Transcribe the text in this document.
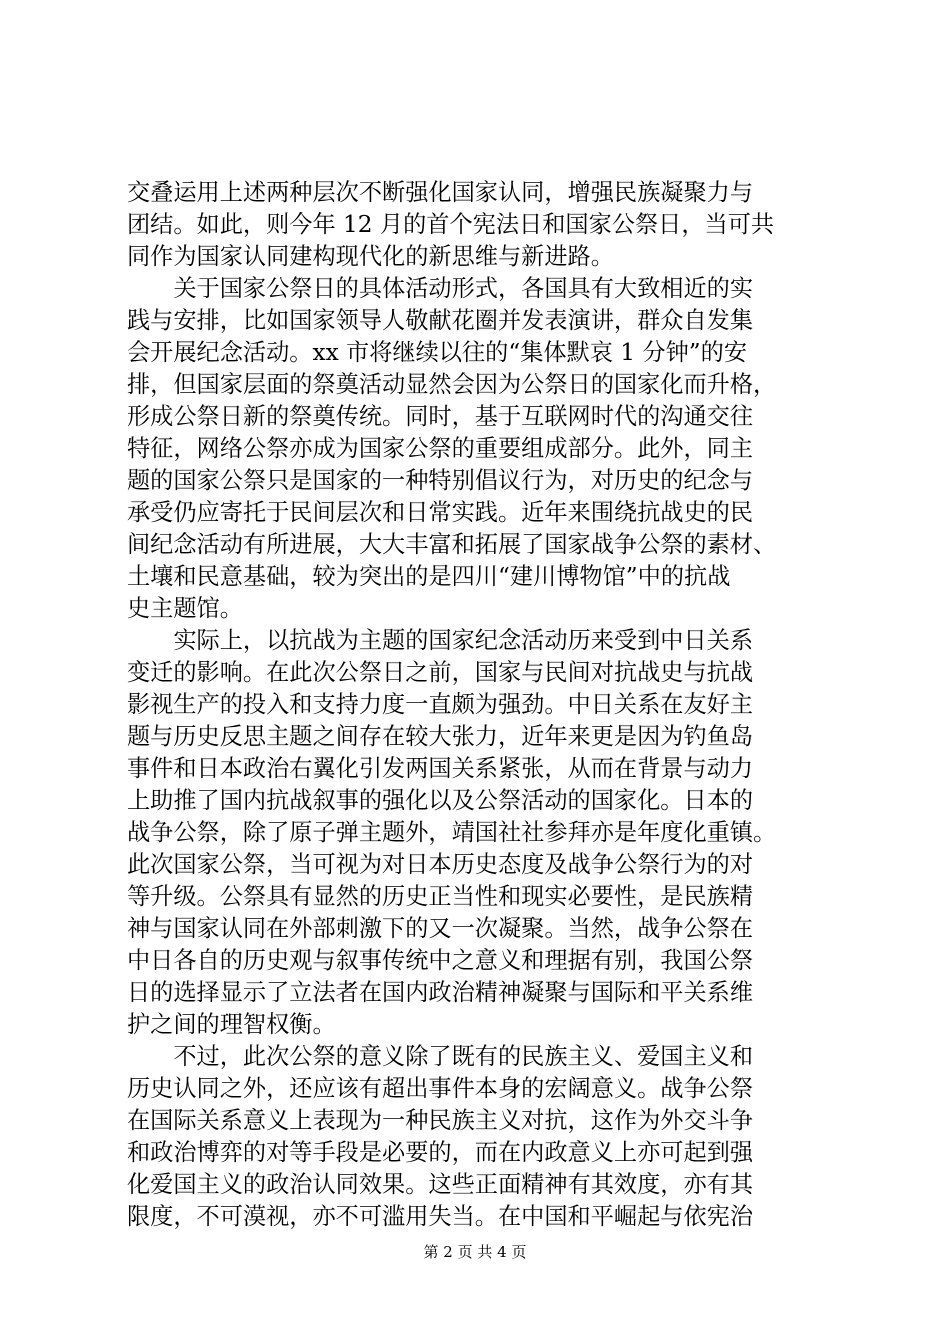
交叠运用上述两种层次不断强化国家认同，增强民族凝聚力与
团结。如此，则今年 12 月的首个宪法日和国家公祭日，当可共
同作为国家认同建构现代化的新思维与新进路。
　　关于国家公祭日的具体活动形式，各国具有大致相近的实
践与安排，比如国家领导人敬献花圈并发表演讲，群众自发集
会开展纪念活动。xx 市将继续以往的“集体默哀 1 分钟”的安
排，但国家层面的祭奠活动显然会因为公祭日的国家化而升格，
形成公祭日新的祭奠传统。同时，基于互联网时代的沟通交往
特征，网络公祭亦成为国家公祭的重要组成部分。此外，同主
题的国家公祭只是国家的一种特别倡议行为，对历史的纪念与
承受仍应寄托于民间层次和日常实践。近年来围绕抗战史的民
间纪念活动有所进展，大大丰富和拓展了国家战争公祭的素材、
土壤和民意基础，较为突出的是四川“建川博物馆”中的抗战
史主题馆。
　　实际上，以抗战为主题的国家纪念活动历来受到中日关系
变迁的影响。在此次公祭日之前，国家与民间对抗战史与抗战
影视生产的投入和支持力度一直颇为强劲。中日关系在友好主
题与历史反思主题之间存在较大张力，近年来更是因为钓鱼岛
事件和日本政治右翼化引发两国关系紧张，从而在背景与动力
上助推了国内抗战叙事的强化以及公祭活动的国家化。日本的
战争公祭，除了原子弹主题外，靖国社社参拜亦是年度化重镇。
此次国家公祭，当可视为对日本历史态度及战争公祭行为的对
等升级。公祭具有显然的历史正当性和现实必要性，是民族精
神与国家认同在外部刺激下的又一次凝聚。当然，战争公祭在
中日各自的历史观与叙事传统中之意义和理据有别，我国公祭
日的选择显示了立法者在国内政治精神凝聚与国际和平关系维
护之间的理智权衡。
　　不过，此次公祭的意义除了既有的民族主义、爱国主义和
历史认同之外，还应该有超出事件本身的宏阔意义。战争公祭
在国际关系意义上表现为一种民族主义对抗，这作为外交斗争
和政治博弈的对等手段是必要的，而在内政意义上亦可起到强
化爱国主义的政治认同效果。这些正面精神有其效度，亦有其
限度，不可漠视，亦不可滥用失当。在中国和平崛起与依宪治
第 2 页 共 4 页
